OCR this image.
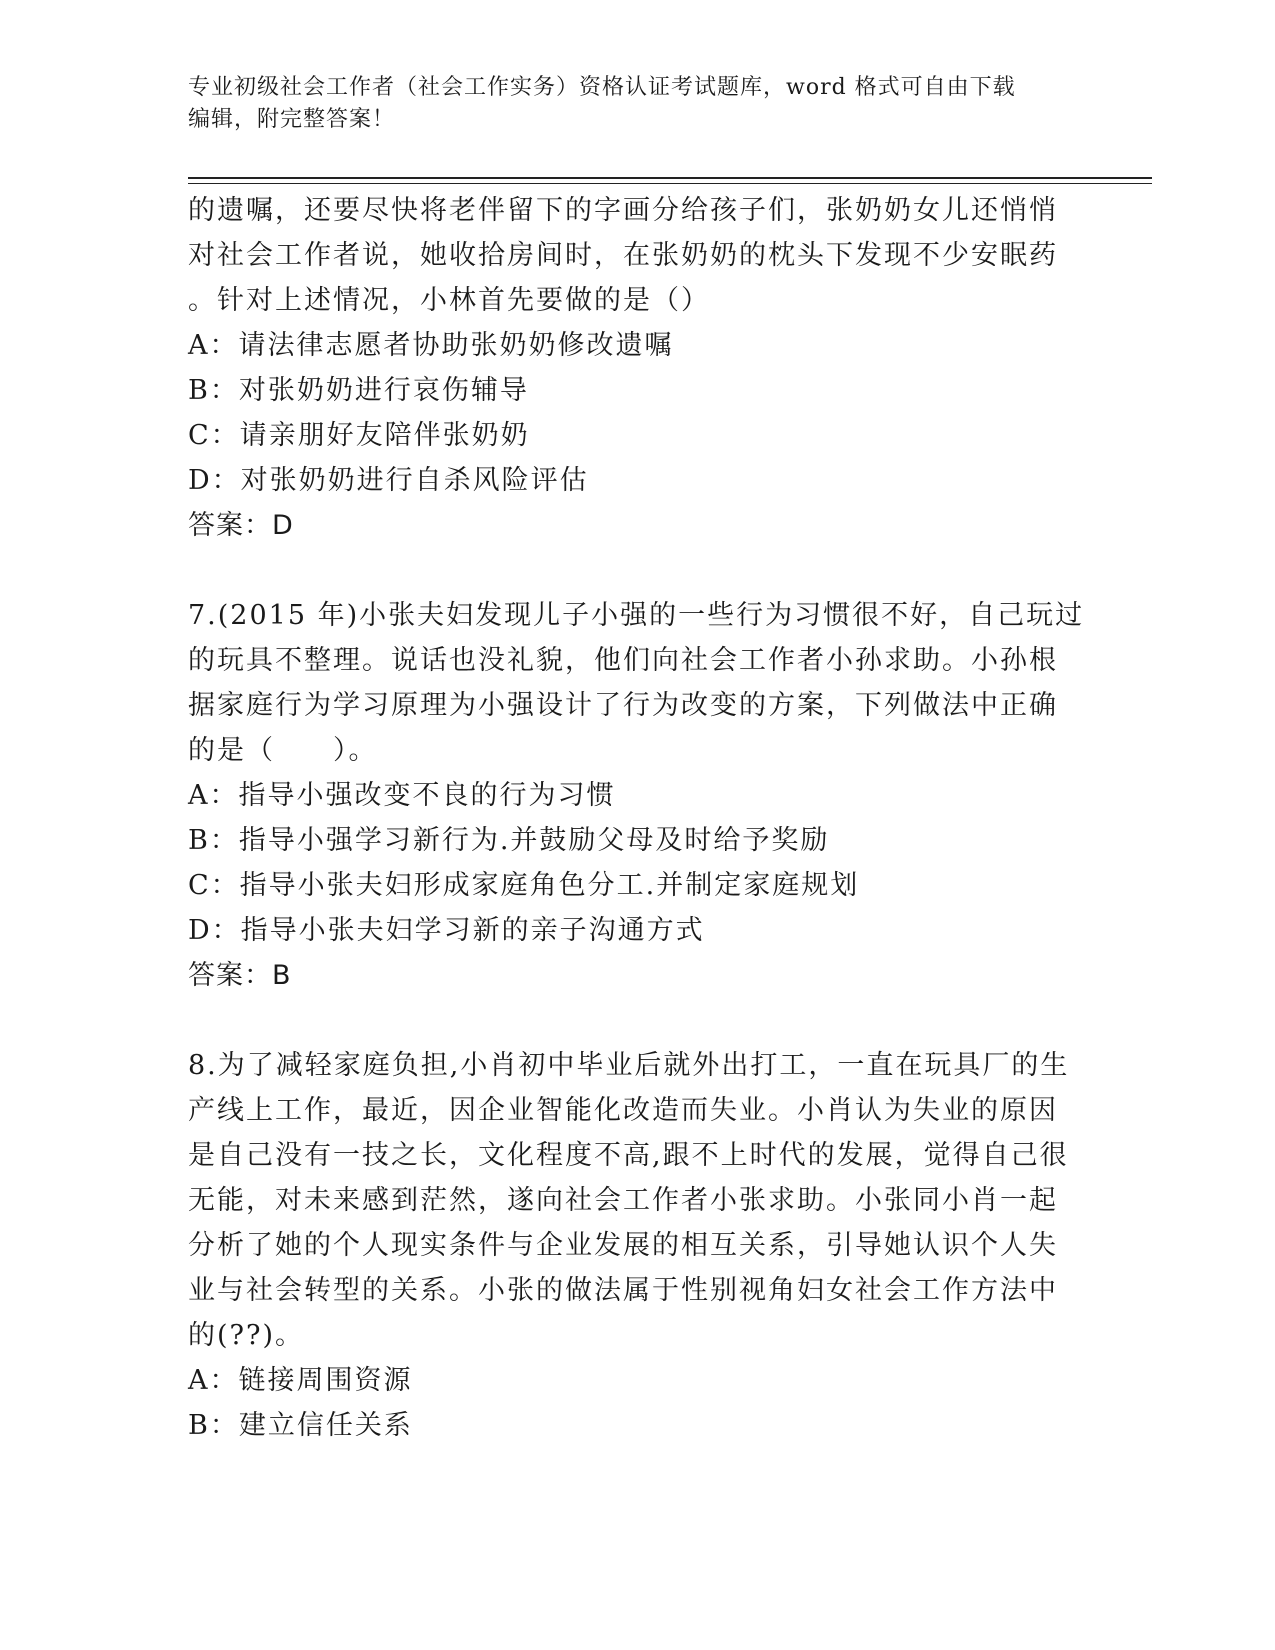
专业初级社会工作者（社会工作实务）资格认证考试题库，word 格式可自由下载
编辑，附完整答案！
的遗嘱，还要尽快将老伴留下的字画分给孩子们，张奶奶女儿还悄悄
对社会工作者说，她收拾房间时，在张奶奶的枕头下发现不少安眠药
。针对上述情况，小林首先要做的是（）
A：请法律志愿者协助张奶奶修改遗嘱
B：对张奶奶进行哀伤辅导
C：请亲朋好友陪伴张奶奶
D：对张奶奶进行自杀风险评估
答案：D
7.(2015 年)小张夫妇发现儿子小强的一些行为习惯很不好，自己玩过
的玩具不整理。说话也没礼貌，他们向社会工作者小孙求助。小孙根
据家庭行为学习原理为小强设计了行为改变的方案，下列做法中正确
的是（　　）。
A：指导小强改变不良的行为习惯
B：指导小强学习新行为.并鼓励父母及时给予奖励
C：指导小张夫妇形成家庭角色分工.并制定家庭规划
D：指导小张夫妇学习新的亲子沟通方式
答案：B
8.为了减轻家庭负担,小肖初中毕业后就外出打工，一直在玩具厂的生
产线上工作，最近，因企业智能化改造而失业。小肖认为失业的原因
是自己没有一技之长，文化程度不高,跟不上时代的发展，觉得自己很
无能，对未来感到茫然，遂向社会工作者小张求助。小张同小肖一起
分析了她的个人现实条件与企业发展的相互关系，引导她认识个人失
业与社会转型的关系。小张的做法属于性别视角妇女社会工作方法中
的(??)。
A：链接周围资源
B：建立信任关系
